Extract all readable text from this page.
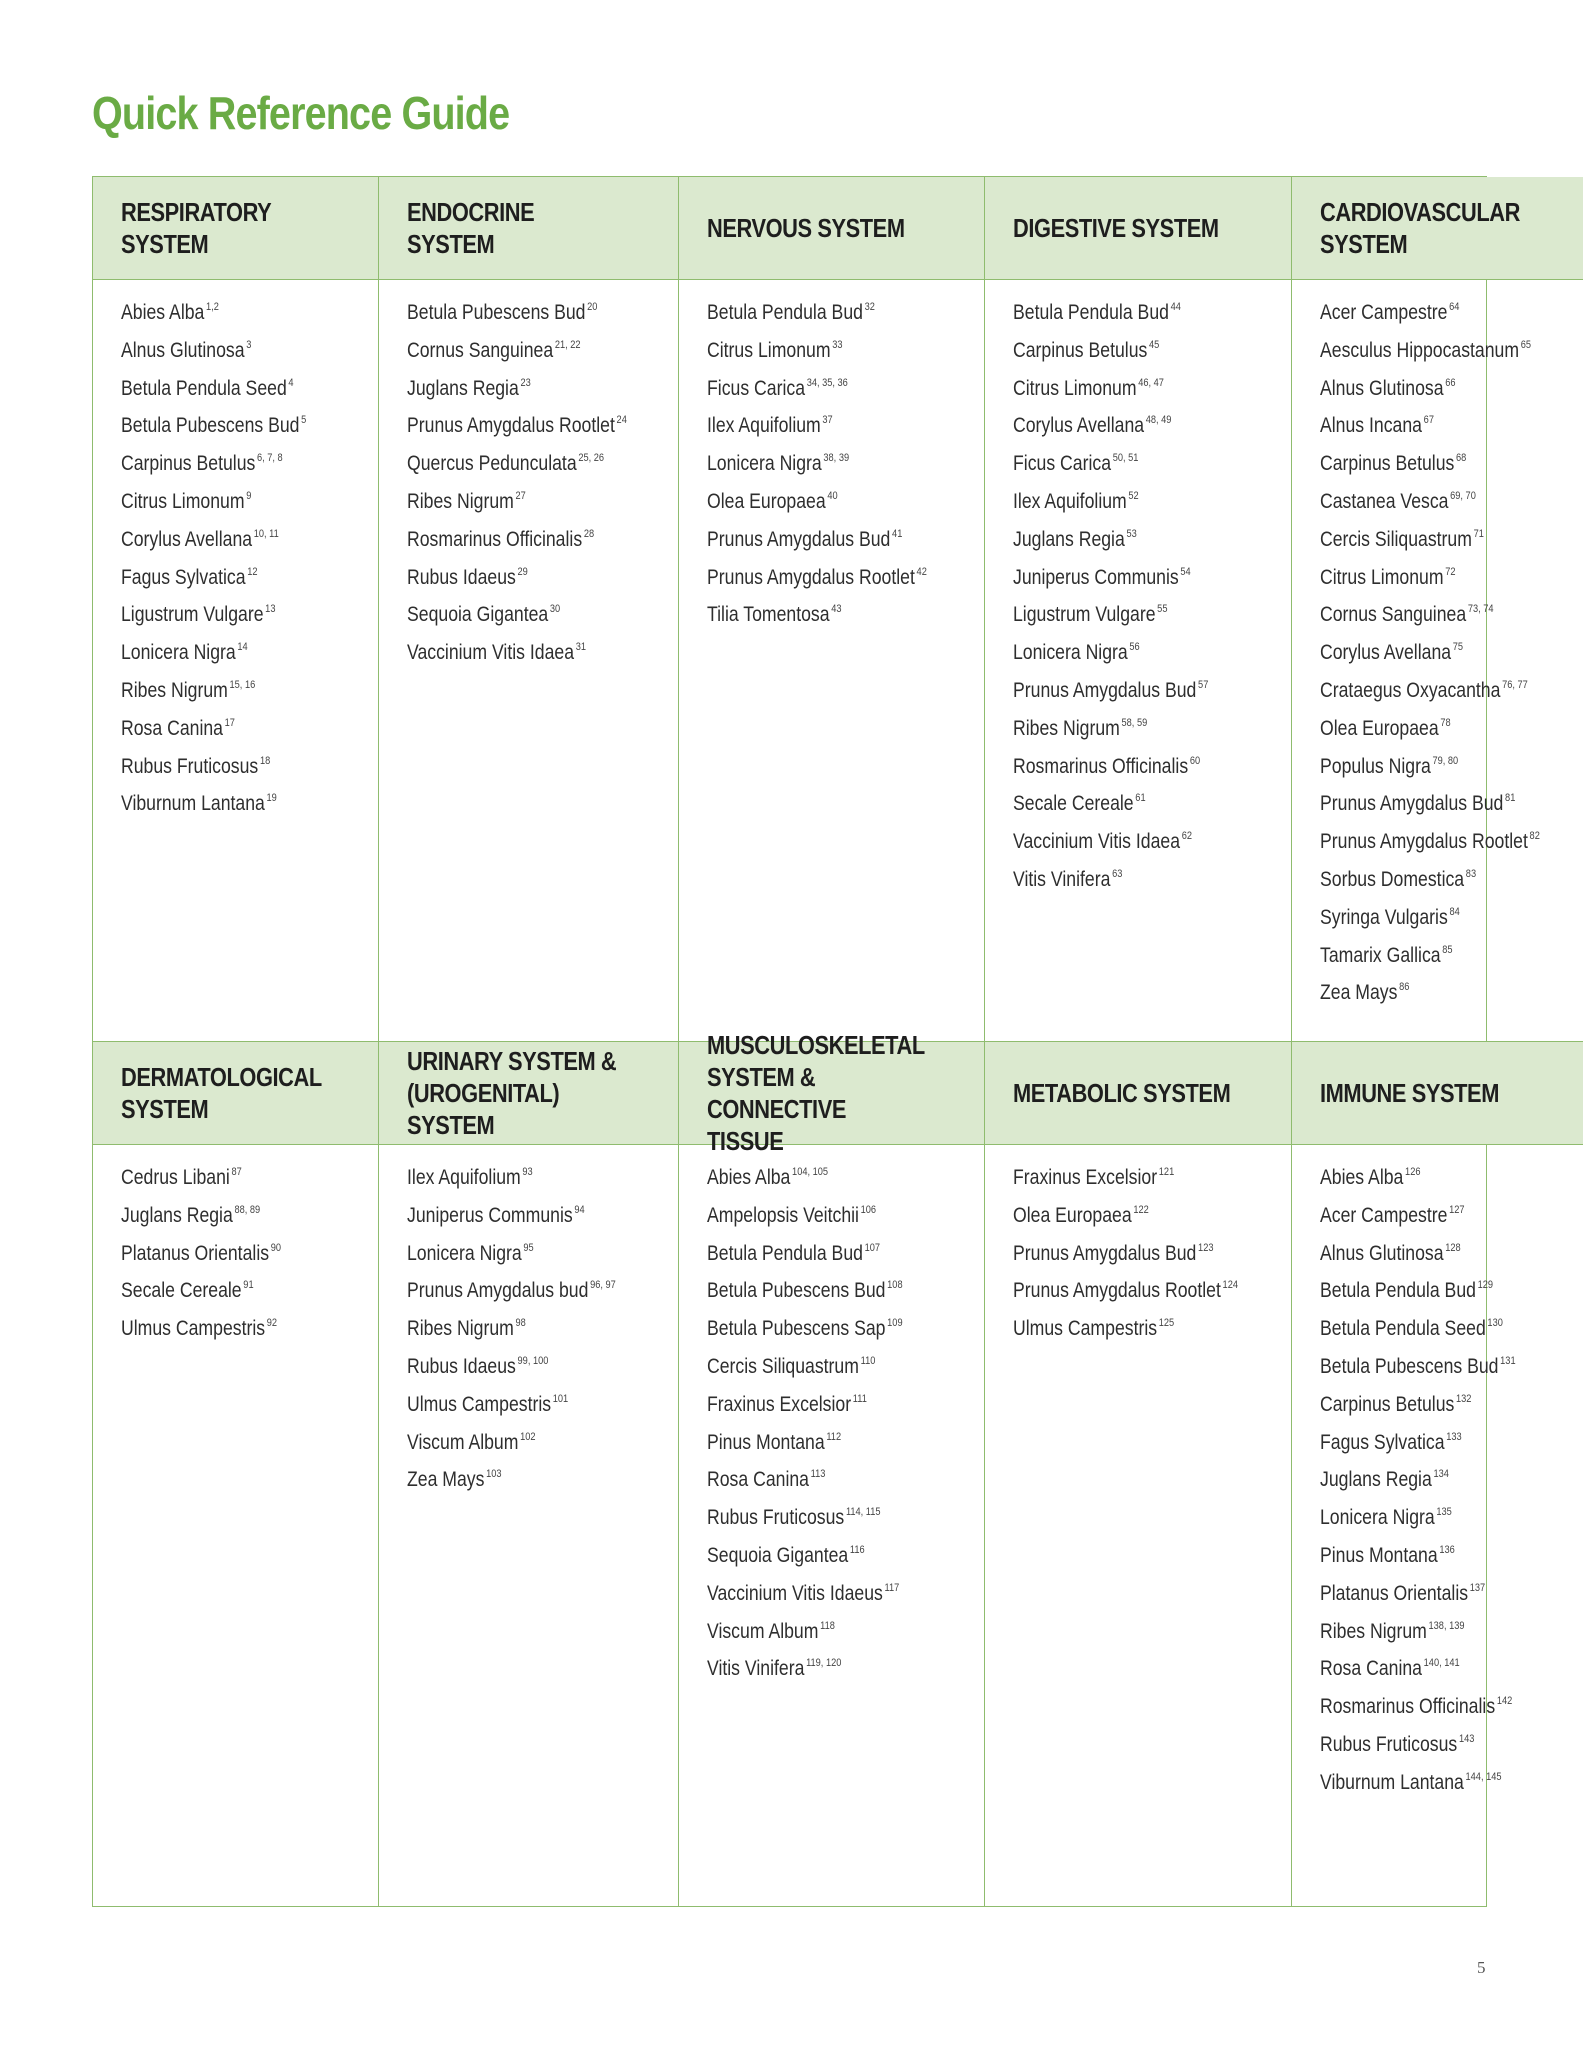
Quick Reference Guide
RESPIRATORY SYSTEM
ENDOCRINE SYSTEM
NERVOUS SYSTEM	DIGESTIVE SYSTEM
CARDIOVASCULAR SYSTEM
Abies Alba $^{1,2}$
Alnus Glutinosa $^3$
Betula Pendula Seed $^4$
Betula Pubescens Bud $^5$
Carpinus Betulus $^{6, 7, 8}$
Citrus Limonum $^9$
Corylus Avellana $^{10, 11}$
Fagus Sylvatica $^{12}$
Ligustrum Vulgare $^{13}$
Lonicera Nigra $^{14}$
Ribes Nigrum $^{15, 16}$
Rosa Canina $^{17}$
Rubus Fruticosus $^{18}$
Viburnum Lantana $^{19}$
Betula Pubescens Bud $^{20}$
Cornus Sanguinea $^{21, 22}$
Juglans Regia $^{23}$
Prunus Amygdalus Rootlet $^{24}$
Quercus Pedunculata $^{25, 26}$
Ribes Nigrum $^{27}$
Rosmarinus Officinalis $^{28}$
Rubus Idaeus $^{29}$
Sequoia Gigantea $^{30}$
Vaccinium Vitis Idaea $^{31}$
Betula Pendula Bud $^{32}$
Citrus Limonum $^{33}$
Ficus Carica $^{34, 35, 36}$
Ilex Aquifolium $^{37}$
Lonicera Nigra $^{38, 39}$
Olea Europaea $^{40}$
Prunus Amygdalus Bud $^{41}$
Prunus Amygdalus Rootlet $^{42}$
Tilia Tomentosa $^{43}$
Betula Pendula Bud $^{44}$
Carpinus Betulus $^{45}$
Citrus Limonum $^{46, 47}$
Corylus Avellana $^{48, 49}$
Ficus Carica $^{50, 51}$
Ilex Aquifolium $^{52}$
Juglans Regia $^{53}$
Juniperus Communis $^{54}$
Ligustrum Vulgare $^{55}$
Lonicera Nigra $^{56}$
Prunus Amygdalus Bud $^{57}$
Ribes Nigrum $^{58, 59}$
Rosmarinus Officinalis $^{60}$
Secale Cereale $^{61}$
Vaccinium Vitis Idaea $^{62}$
Vitis Vinifera $^{63}$
Acer Campestre $^{64}$
Aesculus Hippocastanum $^{65}$
Alnus Glutinosa $^{66}$
Alnus Incana $^{67}$
Carpinus Betulus $^{68}$
Castanea Vesca $^{69, 70}$
Cercis Siliquastrum $^{71}$
Citrus Limonum $^{72}$
Cornus Sanguinea $^{73, 74}$
Corylus Avellana $^{75}$
Crataegus Oxyacantha $^{76, 77}$
Olea Europaea $^{78}$
Populus Nigra $^{79, 80}$
Prunus Amygdalus Bud $^{81}$
Prunus Amygdalus Rootlet $^{82}$
Sorbus Domestica $^{83}$
Syringa Vulgaris $^{84}$
Tamarix Gallica $^{85}$
Zea Mays $^{86}$
DERMATOLOGICAL SYSTEM
URINARY SYSTEM & (UROGENITAL) SYSTEM
MUSCULOSKELETAL SYSTEM & CONNECTIVE TISSUE
METABOLIC SYSTEM	IMMUNE SYSTEM
Cedrus Libani $^{87}$
Juglans Regia $^{88, 89}$
Platanus Orientalis $^{90}$
Secale Cereale $^{91}$
Ulmus Campestris $^{92}$
Ilex Aquifolium $^{93}$
Juniperus Communis $^{94}$
Lonicera Nigra $^{95}$
Prunus Amygdalus bud $^{96, 97}$
Ribes Nigrum $^{98}$
Rubus Idaeus $^{99, 100}$
Ulmus Campestris $^{101}$
Viscum Album $^{102}$
Zea Mays $^{103}$
Abies Alba $^{104, 105}$
Ampelopsis Veitchii $^{106}$
Betula Pendula Bud $^{107}$
Betula Pubescens Bud $^{108}$
Betula Pubescens Sap $^{109}$
Cercis Siliquastrum $^{110}$
Fraxinus Excelsior $^{111}$
Pinus Montana $^{112}$
Rosa Canina $^{113}$
Rubus Fruticosus $^{114, 115}$
Sequoia Gigantea $^{116}$
Vaccinium Vitis Idaeus $^{117}$
Viscum Album $^{118}$
Vitis Vinifera $^{119, 120}$
Fraxinus Excelsior $^{121}$
Olea Europaea $^{122}$
Prunus Amygdalus Bud $^{123}$
Prunus Amygdalus Rootlet $^{124}$
Ulmus Campestris $^{125}$
Abies Alba $^{126}$
Acer Campestre $^{127}$
Alnus Glutinosa $^{128}$
Betula Pendula Bud $^{129}$
Betula Pendula Seed $^{130}$
Betula Pubescens Bud $^{131}$
Carpinus Betulus $^{132}$
Fagus Sylvatica $^{133}$
Juglans Regia $^{134}$
Lonicera Nigra $^{135}$
Pinus Montana $^{136}$
Platanus Orientalis $^{137}$
Ribes Nigrum $^{138, 139}$
Rosa Canina $^{140, 141}$
Rosmarinus Officinalis $^{142}$
Rubus Fruticosus $^{143}$
Viburnum Lantana $^{144, 145}$
5
